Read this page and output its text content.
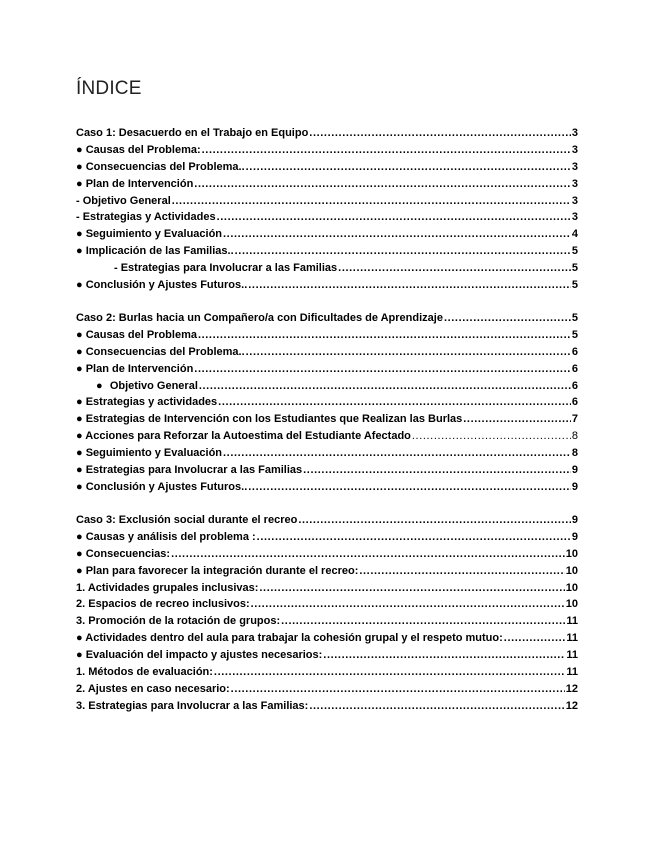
ÍNDICE
Caso 1: Desacuerdo en el Trabajo en Equipo .....	3
● Causas del Problema: .....	3
● Consecuencias del Problema.. .....	3
● Plan de Intervención .....	3
- Objetivo General .....	3
- Estrategias y Actividades .....	3
● Seguimiento y Evaluación .....	4
● Implicación de las Familias.. .....	5
- Estrategias para Involucrar a las Familias .....	5
● Conclusión y Ajustes Futuros.. .....	5
Caso 2: Burlas hacia un Compañero/a con Dificultades de Aprendizaje .....	5
● Causas del Problema .....	5
● Consecuencias del Problema.. .....	6
● Plan de Intervención .....	6
● Objetivo General .....	6
● Estrategias y actividades .....	6
● Estrategias de Intervención con los Estudiantes que Realizan las Burlas .....	7
● Acciones para Reforzar la Autoestima del Estudiante Afectado .....	8
● Seguimiento y Evaluación .....	8
● Estrategias para Involucrar a las Familias .....	9
● Conclusión y Ajustes Futuros.. .....	9
Caso 3: Exclusión social durante el recreo .....	9
● Causas y análisis del problema : .....	9
● Consecuencias: .....	10
● Plan para favorecer la integración durante el recreo: .....	10
1. Actividades grupales inclusivas: .....	10
2. Espacios de recreo inclusivos: .....	10
3. Promoción de la rotación de grupos: .....	11
● Actividades dentro del aula para trabajar la cohesión grupal y el respeto mutuo: .....	11
● Evaluación del impacto y ajustes necesarios: .....	11
1. Métodos de evaluación: .....	11
2. Ajustes en caso necesario: .....	12
3. Estrategias para Involucrar a las Familias: .....	12
